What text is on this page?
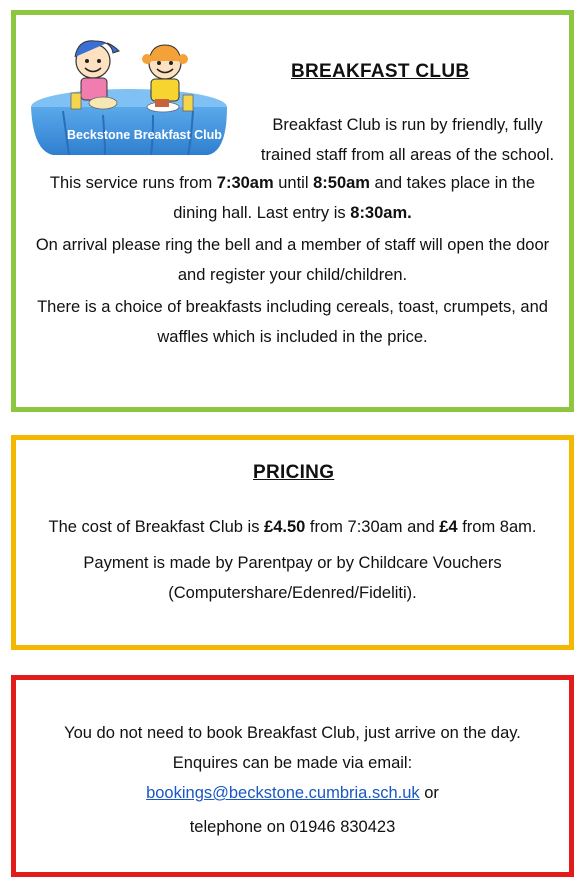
Beckstone Breakfast Club
BREAKFAST CLUB
Breakfast Club is run by friendly, fully
trained staff from all areas of the school.
This service runs from 7:30am until 8:50am and takes place in the
dining hall. Last entry is 8:30am.
On arrival please ring the bell and a member of staff will open the door and register your child/children.
There is a choice of breakfasts including cereals, toast, crumpets, and waffles which is included in the price.
PRICING
The cost of Breakfast Club is £4.50 from 7:30am and £4 from 8am.
Payment is made by Parentpay or by Childcare Vouchers
(Computershare/Edenred/Fideliti).
You do not need to book Breakfast Club, just arrive on the day.
Enquires can be made via email:
bookings@beckstone.cumbria.sch.uk or
telephone on 01946 830423
